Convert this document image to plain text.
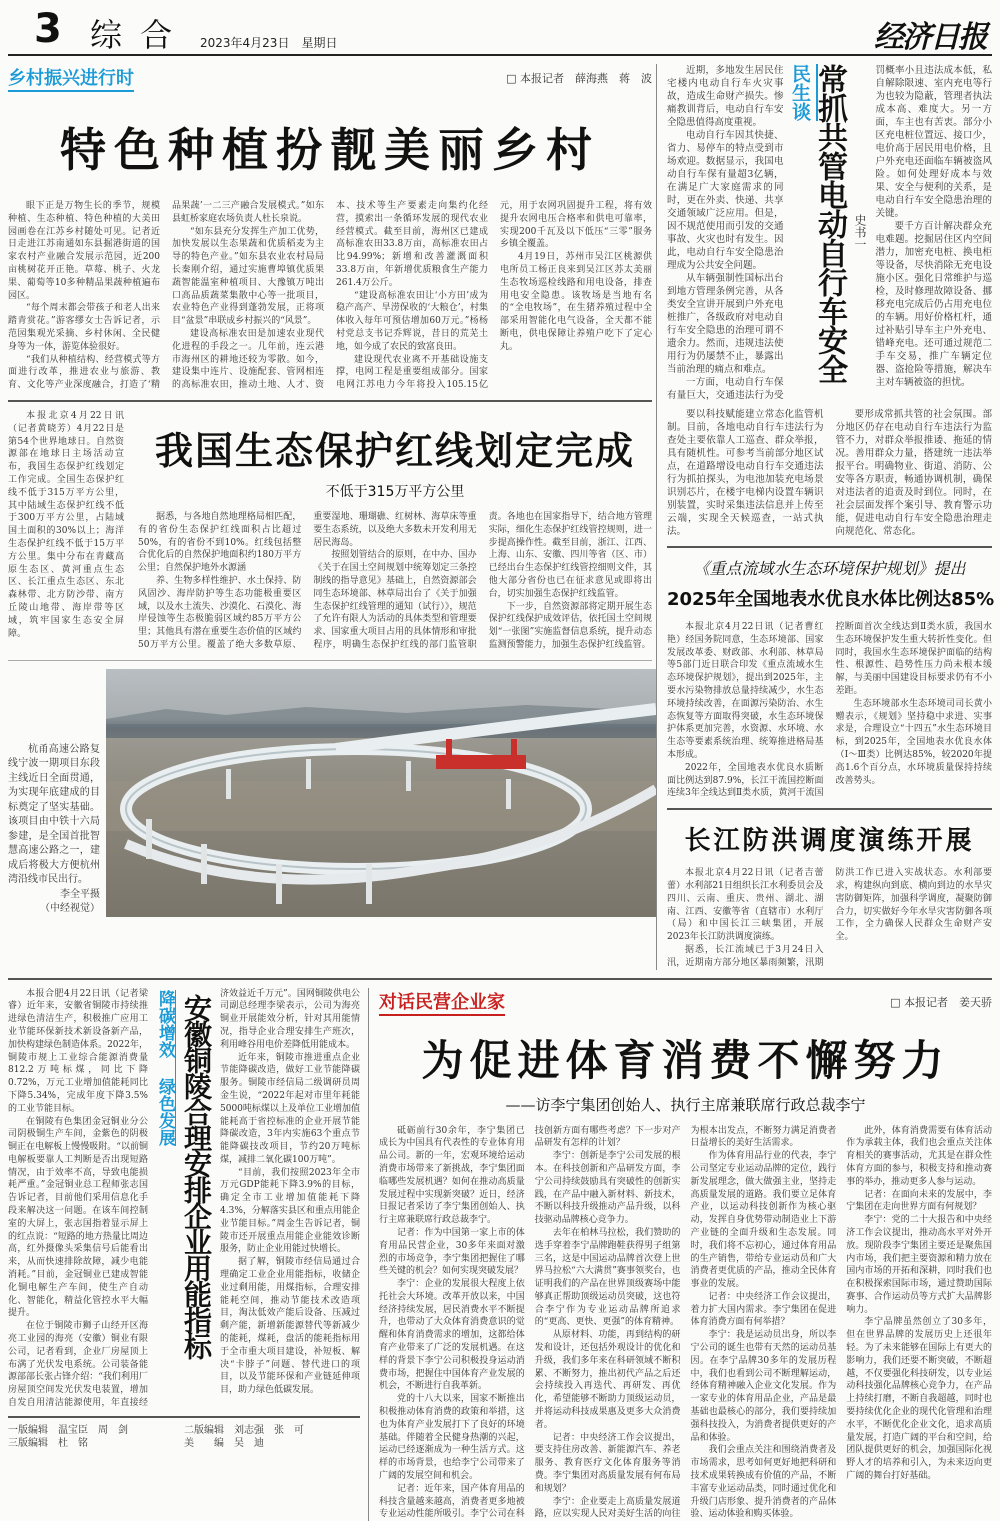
3 综 合 2023年4月23日　星期日	经济日报
乡村振兴进行时	□ 本报记者　薛海燕　蒋　波
特色种植扮靓美丽乡村

眼下正是万物生长的季节，规模种植、生态种植、特色种植的大美田园画卷在江苏乡村随处可见。记者近日走进江苏南通如东县掘港街道的国家农村产业融合发展示范园，近200亩桃树花开正艳。草莓、桃子、火龙果、葡萄等10多种精品果蔬种植遍布园区。

“每个周末都会带孩子和老人出来踏青赏花。”游客缪女士告诉记者，示范园集观光采摘、乡村休闲、全民健身等为一体，游览体验很好。

“我们从种植结构、经营模式等方面进行改革，推进农业与旅游、教育、文化等产业深度融合，打造了‘精品果蔬’一二三产融合发展模式。”如东县虹桥家庭农场负责人杜长泉说。

“如东县充分发挥生产加工优势，加快发展以生态果蔬和优质稻麦为主导的特色产业。”如东县农业农村局局长秦刚介绍，通过实施曹埠镇优质果蔬智能温室种植项目、大豫镇万吨出口高品质蔬菜集散中心等一批项目，农业特色产业得到蓬勃发展，正将项目“盆景”串联成乡村振兴的“风景”。

建设高标准农田是加速农业现代化进程的手段之一。几年前，连云港市海州区的耕地还较为零散。如今，建设集中连片、设施配套、管网相连的高标准农田，推动土地、人才、资本、技术等生产要素走向集约化经营，摸索出一条循环发展的现代农业经营模式。截至目前，海州区已建成高标准农田33.8万亩，高标准农田占比94.99%；新增和改善灌溉面积33.8万亩，年新增优质粮食生产能力261.4万公斤。

“建设高标准农田让‘小方田’成为稳产高产、旱涝保收的‘大粮仓’，村集体收入每年可预估增加60万元。”杨杨村党总支书记乔辉说，昔日的荒芜土地，如今成了农民的致富良田。

建设现代农业离不开基础设施支撑，电网工程是重要组成部分。国家电网江苏电力今年将投入105.15亿元，用于农网巩固提升工程，将有效提升农网电压合格率和供电可靠率，实现200千瓦及以下低压“三零”服务乡镇全覆盖。

4月19日，苏州市吴江区桃源供电所员工杨正良来到吴江区苏太美丽生态牧场巡检线路和用电设备，排查用电安全隐患。该牧场是当地有名的“全电牧场”，在生猪养殖过程中全部采用智能化电气设备，全天都不能断电，供电保障让养殖户吃下了定心丸。

本报北京4月22日讯（记者黄晓芳）4月22日是第54个世界地球日。自然资源部在地球日主场活动宣布，我国生态保护红线划定工作完成。全国生态保护红线不低于315万平方公里，其中陆域生态保护红线不低于300万平方公里，占陆域国土面积的30%以上；海洋生态保护红线不低于15万平方公里。集中分布在青藏高原生态区、黄河重点生态区、长江重点生态区、东北森林带、北方防沙带、南方丘陵山地带、海岸带等区域，筑牢国家生态安全屏障。

我国生态保护红线划定完成
不低于315万平方公里

据悉，与各地自然地理格局相匹配，有的省份生态保护红线面积占比超过50%，有的省份不到10%。红线包括整合优化后的自然保护地面积约180万平方公里；自然保护地外水源涵

养、生物多样性维护、水土保持、防风固沙、海岸防护等生态功能极重要区域，以及水土流失、沙漠化、石漠化、海岸侵蚀等生态极脆弱区域约85万平方公里；其他具有潜在重要生态价值的区域约50万平方公里。覆盖了绝大多数草原、重要湿地、珊瑚礁、红树林、海草床等重要生态系统，以及绝大多数未开发利用无居民海岛。

按照划管结合的原则，在中办、国办《关于在国土空间规划中统筹划定三条控制线的指导意见》基础上，自然资源部会同生态环境部、林草局出台了《关于加强生态保护红线管理的通知（试行）》，规范了允许有限人为活动的具体类型和管理要求、国家重大项目占用的具体情形和审批程序，明确生态保护红线的部门监管职责。各地也在国家指导下，结合地方管理实际，细化生态保护红线管控规则，进一步提高操作性。截至目前，浙江、江西、上海、山东、安徽、四川等省（区、市）已经出台生态保护红线管控细则文件，其他大部分省份也已在征求意见或即将出台，切实加强生态保护红线监管。

下一步，自然资源部将定期开展生态保护红线保护成效评估，依托国土空间规划“一张图”实施监督信息系统，提升动态监测预警能力，加强生态保护红线监管。

杭甬高速公路复线宁波一期项目东段主线近日全面贯通，为实现年底建成的目标奠定了坚实基础。该项目由中铁十六局参建，是全国首批智慧高速公路之一，建成后将极大方便杭州湾沿线市民出行。
李全平摄
（中经视觉）
民生谈 常抓共管电动自行车安全 史书一

近期，多地发生居民住宅楼内电动自行车火灾事故，造成生命财产损失。惨痛教训背后，电动自行车安全隐患值得高度重视。

电动自行车因其快捷、省力、易停车的特点受到市场欢迎。数据显示，我国电动自行车保有量超3亿辆，在满足广大家庭需求的同时，更在外卖、快递、共享交通领域广泛应用。但是，因不规范使用而引发的交通事故、火灾也时有发生。因此，电动自行车安全隐患治理成为公共安全问题。

从车辆强制性国标出台到地方管理条例完善，从各类安全宣讲开展到户外充电桩推广，各级政府对电动自行车安全隐患的治理可谓不遗余力。然而，违规违法使用行为仍屡禁不止，暴露出当前治理的痛点和难点。

一方面，电动自行车保有量巨大，交通违法行为受罚概率小且违法成本低，私自解除限速、室内充电等行为也较为隐蔽，管理者执法成本高、难度大。另一方面，车主也有苦衷。部分小区充电桩位置远、接口少，电价高于居民用电价格，且户外充电还面临车辆被盗风险。如何处理好成本与效果、安全与便利的关系，是电动自行车安全隐患治理的关键。

要千方百计解决群众充电难题。挖掘居住区内空间潜力，加密充电桩、换电柜等设备，尽快消除无充电设施小区。强化日常维护与巡检，及时修理故障设备、挪移充电完成后仍占用充电位的车辆。用好价格杠杆，通过补贴引导车主户外充电、错峰充电。还可通过规范二手车交易，推广车辆定位器、盗抢险等措施，解决车主对车辆被盗的担忧。

要以科技赋能建立常态化监管机制。目前，各地电动自行车违法行为查处主要依靠人工巡查、群众举报，具有随机性。可参考当前部分地区试点，在道路增设电动自行车交通违法行为抓拍探头，为电池加装充电场景识别芯片，在楼宇电梯内设置车辆识别装置，实时采集违法信息并上传至云端，实现全天候巡查，一站式执法。

要形成常抓共管的社会氛围。部分地区仍存在电动自行车违法行为监管不力，对群众举报推诿、拖延的情况。善用群众力量，搭建统一违法举报平台。明确物业、街道、消防、公安等各方职责，畅通协调机制，确保对违法者的追责及时到位。同时，在社会层面发挥个案引导、教育警示功能，促进电动自行车安全隐患治理走向规范化、常态化。

《重点流域水生态环境保护规划》提出
2025年全国地表水优良水体比例达85%

本报北京4月22日讯（记者曹红艳）经国务院同意，生态环境部、国家发展改革委、财政部、水利部、林草局等5部门近日联合印发《重点流域水生态环境保护规划》，提出到2025年，主要水污染物排放总量持续减少，水生态环境持续改善，在面源污染防治、水生态恢复等方面取得突破，水生态环境保护体系更加完善，水资源、水环境、水生态等要素系统治理、统筹推进格局基本形成。

2022年，全国地表水优良水质断面比例达到87.9%，长江干流国控断面连续3年全线达到Ⅱ类水质，黄河干流国控断面首次全线达到Ⅱ类水质，我国水生态环境保护发生重大转折性变化。但同时，我国水生态环境保护面临的结构性、根源性、趋势性压力尚未根本缓解，与美丽中国建设目标要求仍有不小差距。

生态环境部水生态环境司司长黄小赠表示，《规划》坚持稳中求进、实事求是，合理设立“十四五”水生态环境目标，到2025年，全国地表水优良水体（Ⅰ～Ⅲ类）比例达85%，较2020年提高1.6个百分点，水环境质量保持持续改善势头。

长江防洪调度演练开展

本报北京4月22日讯（记者吉蕾蕾）水利部21日组织长江水利委员会及四川、云南、重庆、贵州、湖北、湖南、江西、安徽等省（直辖市）水利厅（局）和中国长江三峡集团，开展2023年长江防洪调度演练。

据悉，长江流域已于3月24日入汛，近期南方部分地区暴雨频繁，汛期防洪工作已进入实战状态。水利部要求，构建纵向到底、横向到边的水旱灾害防御矩阵，加强科学调度，凝聚防御合力，切实做好今年水旱灾害防御各项工作，全力确保人民群众生命财产安全。

降碳增效 绿色发展 安徽铜陵合理安排企业用能指标

本报合肥4月22日讯（记者梁睿）近年来，安徽省铜陵市持续推进绿色清洁生产，积极推广应用工业节能环保新技术新设备新产品，加快构建绿色制造体系。2022年，铜陵市规上工业综合能源消费量812.2万吨标煤，同比下降0.72%，万元工业增加值能耗同比下降5.34%，完成年度下降3.5%的工业节能目标。

在铜陵有色集团金冠铜业分公司阴极铜生产车间，金紫色的阴极铜正在电解板上慢慢吸附。“以前铜电解板要靠人工判断是否出现短路情况，由于效率不高，导致电能损耗严重。”金冠铜业总工程师张志国告诉记者，目前他们采用信息化手段来解决这一问题。在该车间控制室的大屏上，张志国指着显示屏上的红点说：“短路的地方热量比周边高，红外摄像头采集信号后能看出来，从而快速排除故障，减少电能消耗。”目前，金冠铜业已建成智能化铜电解生产车间，使生产自动化、智能化，精益化管控水平大幅提升。

在位于铜陵市狮子山经开区海亮工业园的海亮（安徽）铜业有限公司，记者看到，企业厂房屋顶上布满了光伏发电系统。公司装备能源部部长张占锋介绍：“我们利用厂房屋顶空间发光伏发电装置，增加自发自用清洁能源使用，年直接经济效益近千万元”。国网铜陵供电公司副总经理李梁表示，公司为海亮铜业开展能效分析，针对其用能情况，指导企业合理安排生产班次，利用峰谷用电价差降低用能成本。

近年来，铜陵市推进重点企业节能降碳改造，做好工业节能降碳服务。铜陵市经信局二级调研员周金生说，“2022年起对市里年耗能5000吨标煤以上及单位工业增加值能耗高于省控标准的企业开展节能降碳改造，3年内实施63个重点节能降碳技改项目，节约20万吨标煤，减排二氧化碳100万吨”。

“目前，我们按照2023年全市万元GDP能耗下降3.9%的目标，确定全市工业增加值能耗下降4.3%，分解落实县区和重点用能企业节能目标。”周金生告诉记者，铜陵市还开展重点用能企业能效诊断服务，防止企业用能过快增长。

据了解，铜陵市经信局通过合理确定工业企业用能指标，收储企业过剩用能，用煤指标，合理安排能耗空间，推动节能技术改造项目，淘汰低效产能后设备、压减过剩产能，新增新能源替代等新减少的能耗，煤耗，盘活的能耗指标用于全市重大项目建设，补短板、解决“卡脖子”问题、替代进口的项目，以及节能环保和产业链延伸项目，助力绿色低碳发展。

一版编辑　 温宝臣　周　剑	二版编辑　 刘志强　张　可
三版编辑　 杜　铭	美　　编　 吴　迪
对话民营企业家	□ 本报记者　姜天骄
为促进体育消费不懈努力
——访李宁集团创始人、执行主席兼联席行政总裁李宁

砥砺前行30余年，李宁集团已成长为中国具有代表性的专业体育用品公司。新的一年，宏观环境给运动消费市场带来了新挑战，李宁集团面临哪些发展机遇？如何在推动高质量发展过程中实现新突破？近日，经济日报记者采访了李宁集团创始人、执行主席兼联席行政总裁李宁。

记者：作为中国第一家上市的体育用品民营企业，30多年来面对激烈的市场竞争，李宁集团把握住了哪些关键的机会？如何实现突破发展？

李宁：企业的发展很大程度上依托社会大环境。改革开放以来，中国经济持续发展，居民消费水平不断提升，也带动了大众体育消费意识的觉醒和体育消费需求的增加，这都给体育产业带来了广泛的发展机遇。在这样的背景下李宁公司积极投身运动消费市场，把握住中国体育产业发展的机会，不断进行自我革新。

党的十八大以来，国家不断推出积极推动体育消费的政策和举措，这也为体育产业发展打下了良好的环境基础。伴随着全民健身热潮的兴起，运动已经逐渐成为一种生活方式。这样的市场背景，也给李宁公司带来了广阔的发展空间和机会。

记者：近年来，国产体育用品的科技含量越来越高，消费者更多地被专业运动性能所吸引。李宁公司在科技创新方面有哪些考虑？下一步对产品研发有怎样的计划？

李宁：创新是李宁公司发展的根本。在科技创新和产品研发方面，李宁公司持续鼓励具有突破性的创新实践，在产品中融入新材料、新技术，不断以科技升级推动产品升级，以科技驱动品牌核心竞争力。

去年在柏林马拉松，我们赞助的选手穿着李宁品牌跑鞋获得男子组第三名，这是中国运动品牌首次登上世界马拉松“六大满贯”赛事领奖台，也证明我们的产品在世界顶级赛场中能够真正帮助顶级运动员突破，这也符合李宁作为专业运动品牌所追求的“更高、更快、更强”的体育精神。

从原材料、功能，再到结构的研发和设计，还包括外观设计的优化和升级，我们多年来在科研领域不断积累、不断努力，推出初代产品之后还会持续投入再迭代、再研发、再优化，希望能够不断助力顶级运动员，并将运动科技成果惠及更多大众消费者。

记者：中央经济工作会议提出，要支持住房改善、新能源汽车、养老服务、教育医疗文化体育服务等消费。李宁集团对高质量发展有何布局和规划？

李宁：企业要走上高质量发展道路，应以实现人民对美好生活的向往为根本出发点，不断努力满足消费者日益增长的美好生活需求。

作为体育用品行业的代表，李宁公司坚定专业运动品牌的定位，践行新发展理念，做大做强主业，坚持走高质量发展的道路。我们要立足体育产业，以运动科技创新作为核心驱动，发挥自身优势带动制造业上下游产业链的全面升级和生态发展。同时，我们将不忘初心，通过体育用品的生产销售，带给专业运动员和广大消费者更优质的产品，推动全民体育事业的发展。

记者：中央经济工作会议提出，着力扩大国内需求。李宁集团在促进体育消费方面有何举措？

李宁：我是运动员出身，所以李宁公司的诞生也带有天然的运动员基因。在李宁品牌30多年的发展历程中，我们也看到公司不断理解运动，经体育精神融入企业文化发展。作为一家专业的体育用品企业，产品是最基础也最核心的部分，我们要持续加强科技投入，为消费者提供更好的产品和体验。

我们会重点关注和围绕消费者及市场需求，思考如何更好地把科研和技术成果转换成有价值的产品，不断丰富专业运动品类，同时通过优化和升级门店形象、提升消费者的产品体验、运动体验和购买体验。

此外，体育消费需要有体育活动作为承载主体，我们也会重点关注体育相关的赛事活动，尤其是在群众性体育方面的参与，积极支持和推动赛事的举办，推动更多人参与运动。

记者：在面向未来的发展中，李宁集团在走向世界方面有何规划？

李宁：党的二十大报告和中央经济工作会议提出，推动高水平对外开放。现阶段李宁集团主要还是聚焦国内市场，我们把主要资源和精力放在国内市场的开拓和深耕，同时我们也在积极探索国际市场，通过赞助国际赛事、合作运动员等方式扩大品牌影响力。

李宁品牌虽然创立了30多年，但在世界品牌的发展历史上还很年轻。为了未来能够在国际上有更大的影响力，我们还要不断突破，不断超越，不仅要强化科技研发，以专业运动科技强化品牌核心竞争力，在产品上持续打磨，不断自我超越，同时也要持续优化企业的现代化管理和治理水平，不断优化企业文化，追求高质量发展，打造广阔的平台和空间，给团队提供更好的机会，加强国际化视野人才的培养和引入，为未来迈向更广阔的舞台打好基础。
